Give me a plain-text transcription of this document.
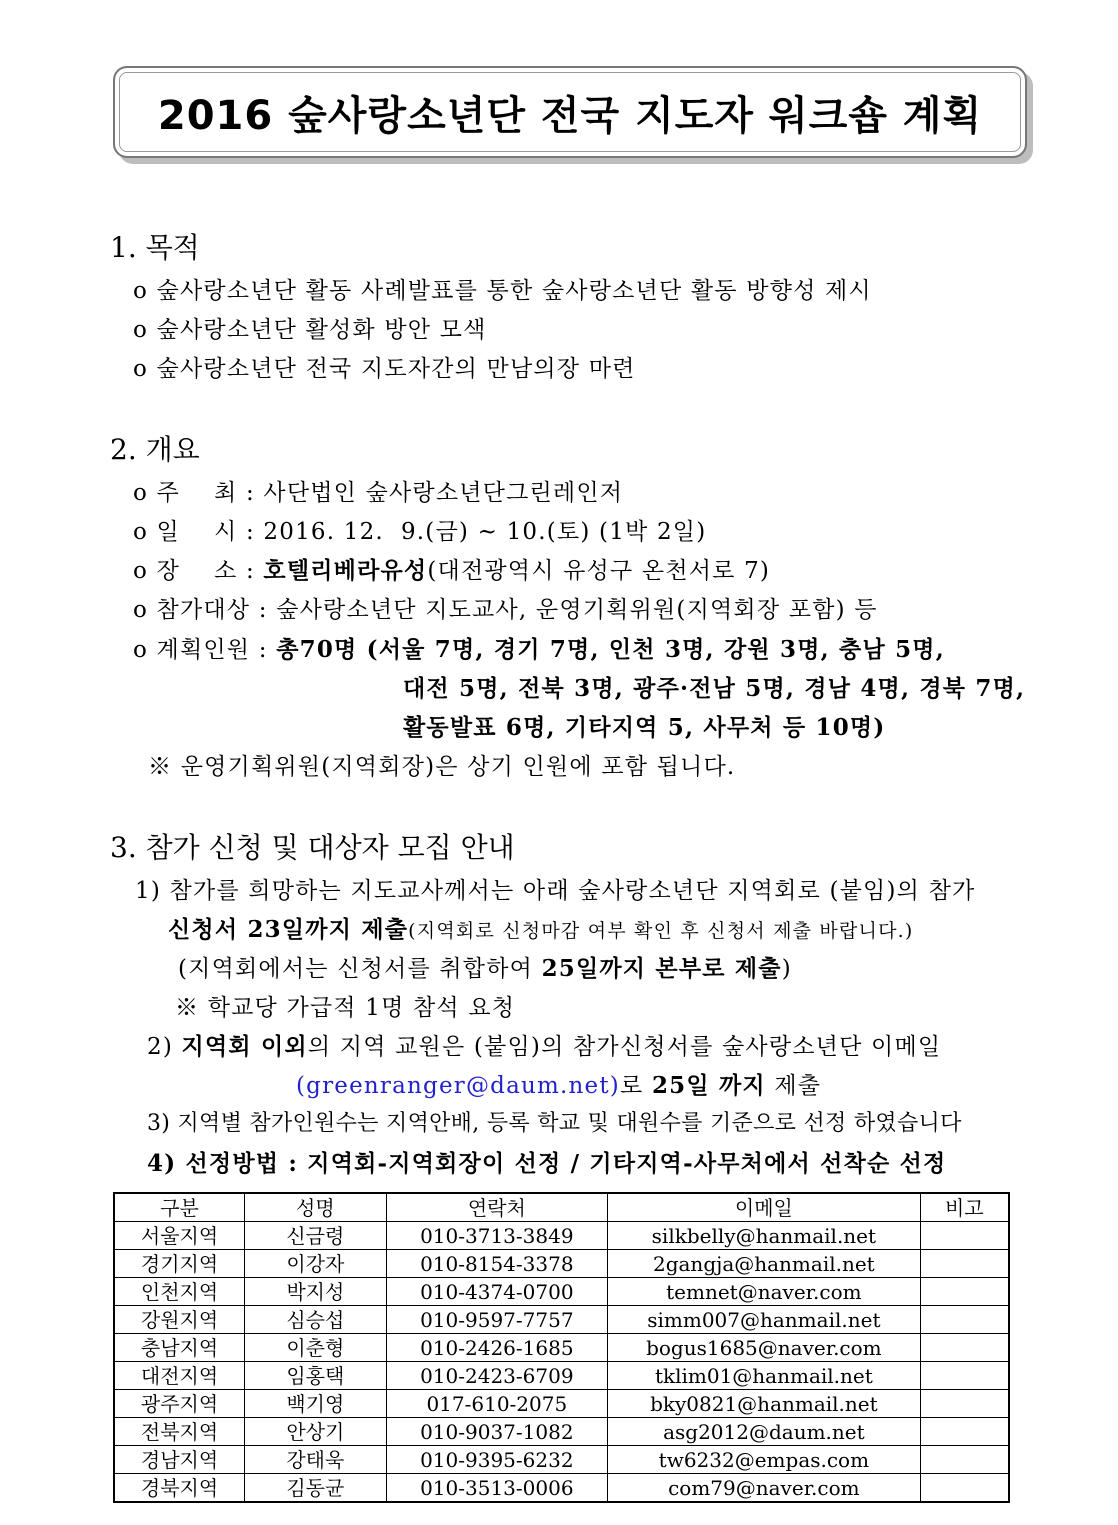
2016 숲사랑소년단 전국 지도자 워크숍 계획
1. 목적
o 숲사랑소년단 활동 사례발표를 통한 숲사랑소년단 활동 방향성 제시
o 숲사랑소년단 활성화 방안 모색
o 숲사랑소년단 전국 지도자간의 만남의장 마련
2. 개요
o 주    최 : 사단법인 숲사랑소년단그린레인저
o 일    시 : 2016. 12.  9.(금) ~ 10.(토) (1박 2일)
o 장    소 : 호텔리베라유성(대전광역시 유성구 온천서로 7)
o 참가대상 : 숲사랑소년단 지도교사, 운영기획위원(지역회장 포함) 등
o 계획인원 : 총70명 (서울 7명, 경기 7명, 인천 3명, 강원 3명, 충남 5명,
대전 5명, 전북 3명, 광주·전남 5명, 경남 4명, 경북 7명,
활동발표 6명, 기타지역 5, 사무처 등 10명)
※ 운영기획위원(지역회장)은 상기 인원에 포함 됩니다.
3. 참가 신청 및 대상자 모집 안내
1) 참가를 희망하는 지도교사께서는 아래 숲사랑소년단 지역회로 (붙임)의 참가
신청서 23일까지 제출(지역회로 신청마감 여부 확인 후 신청서 제출 바랍니다.)
(지역회에서는 신청서를 취합하여 25일까지 본부로 제출)
※ 학교당 가급적 1명 참석 요청
2) 지역회 이외의 지역 교원은 (붙임)의 참가신청서를 숲사랑소년단 이메일
(greenranger@daum.net)로 25일 까지 제출
3) 지역별 참가인원수는 지역안배, 등록 학교 및 대원수를 기준으로 선정 하였습니다
4) 선정방법 : 지역회-지역회장이 선정 / 기타지역-사무처에서 선착순 선정
구분	성명	연락처	이메일	비고
서울지역	신금령	010-3713-3849	silkbelly@hanmail.net	
경기지역	이강자	010-8154-3378	2gangja@hanmail.net	
인천지역	박지성	010-4374-0700	temnet@naver.com	
강원지역	심승섭	010-9597-7757	simm007@hanmail.net	
충남지역	이춘형	010-2426-1685	bogus1685@naver.com	
대전지역	임홍택	010-2423-6709	tklim01@hanmail.net	
광주지역	백기영	017-610-2075	bky0821@hanmail.net	
전북지역	안상기	010-9037-1082	asg2012@daum.net	
경남지역	강태욱	010-9395-6232	tw6232@empas.com	
경북지역	김동균	010-3513-0006	com79@naver.com	
